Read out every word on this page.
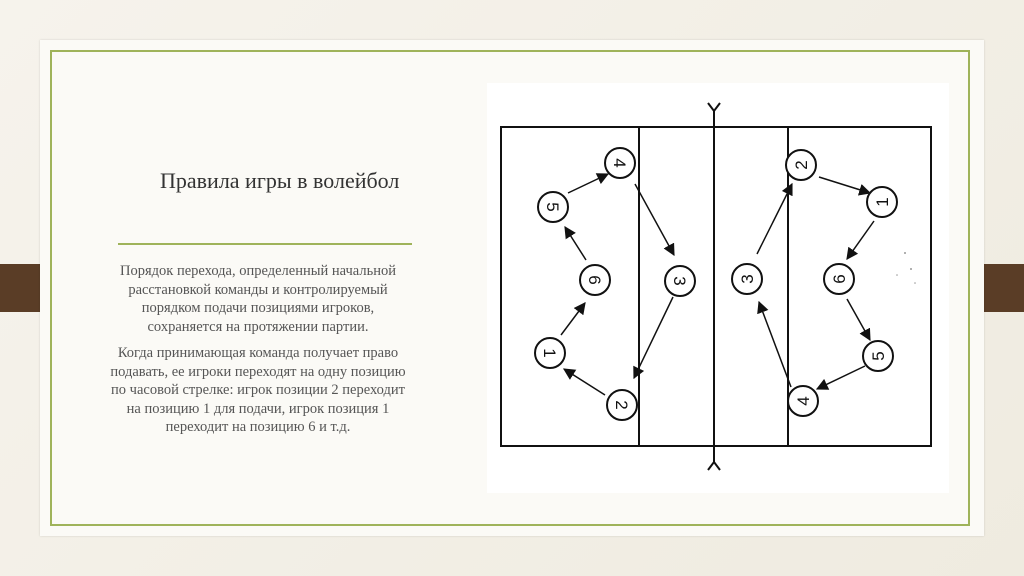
Правила игры в волейбол

Порядок перехода, определенный начальной расстановкой команды и контролируемый порядком подачи позициями игроков, сохраняется на протяжении партии.

Когда принимающая команда получает право подавать, ее игроки переходят на одну позицию по часовой стрелке: игрок позиции 2 переходит на позицию 1 для подачи, игрок позиция 1 переходит на позицию 6 и т.д.

4
5
6
1
2
3
2
1
6
5
4
3
